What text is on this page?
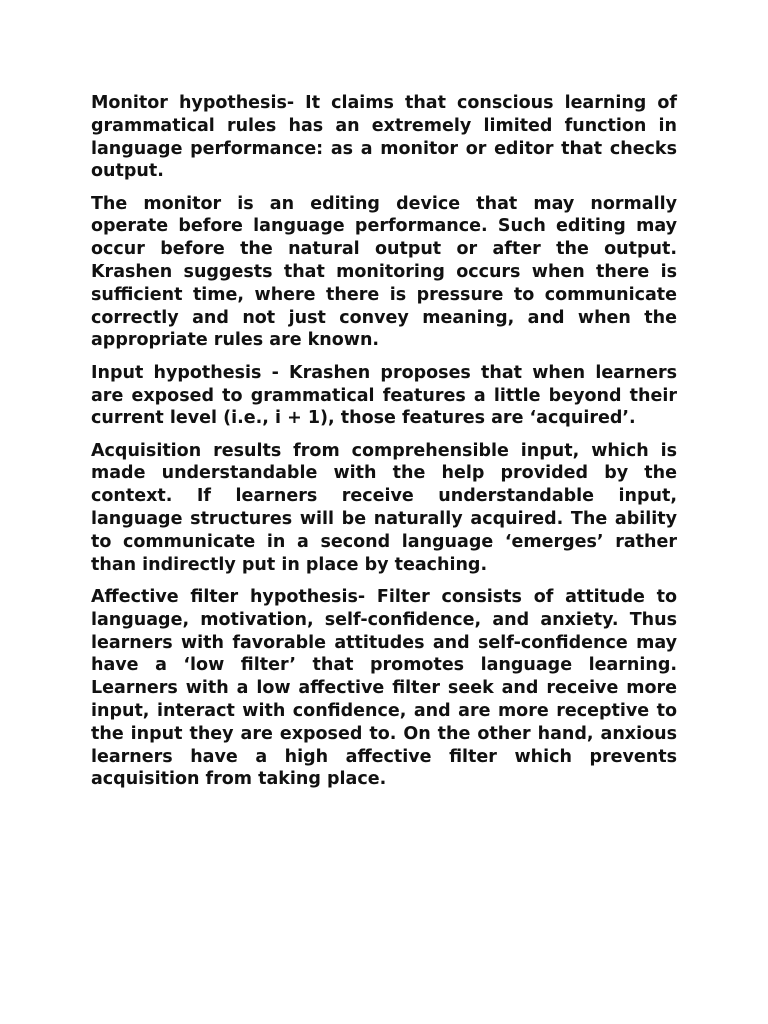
Monitor hypothesis- It claims that conscious learning of grammatical rules has an extremely limited function in language performance: as a monitor or editor that checks output.

The monitor is an editing device that may normally operate before language performance. Such editing may occur before the natural output or after the output. Krashen suggests that monitoring occurs when there is sufficient time, where there is pressure to communicate correctly and not just convey meaning, and when the appropriate rules are known.

Input hypothesis - Krashen proposes that when learners are exposed to grammatical features a little beyond their current level (i.e., i + 1), those features are ‘acquired’.

Acquisition results from comprehensible input, which is made understandable with the help provided by the context. If learners receive understandable input, language structures will be naturally acquired. The ability to communicate in a second language ‘emerges’ rather than indirectly put in place by teaching.

Affective filter hypothesis- Filter consists of attitude to language, motivation, self-confidence, and anxiety. Thus learners with favorable attitudes and self-confidence may have a ‘low filter’ that promotes language learning. Learners with a low affective filter seek and receive more input, interact with confidence, and are more receptive to the input they are exposed to. On the other hand, anxious learners have a high affective filter which prevents acquisition from taking place.
